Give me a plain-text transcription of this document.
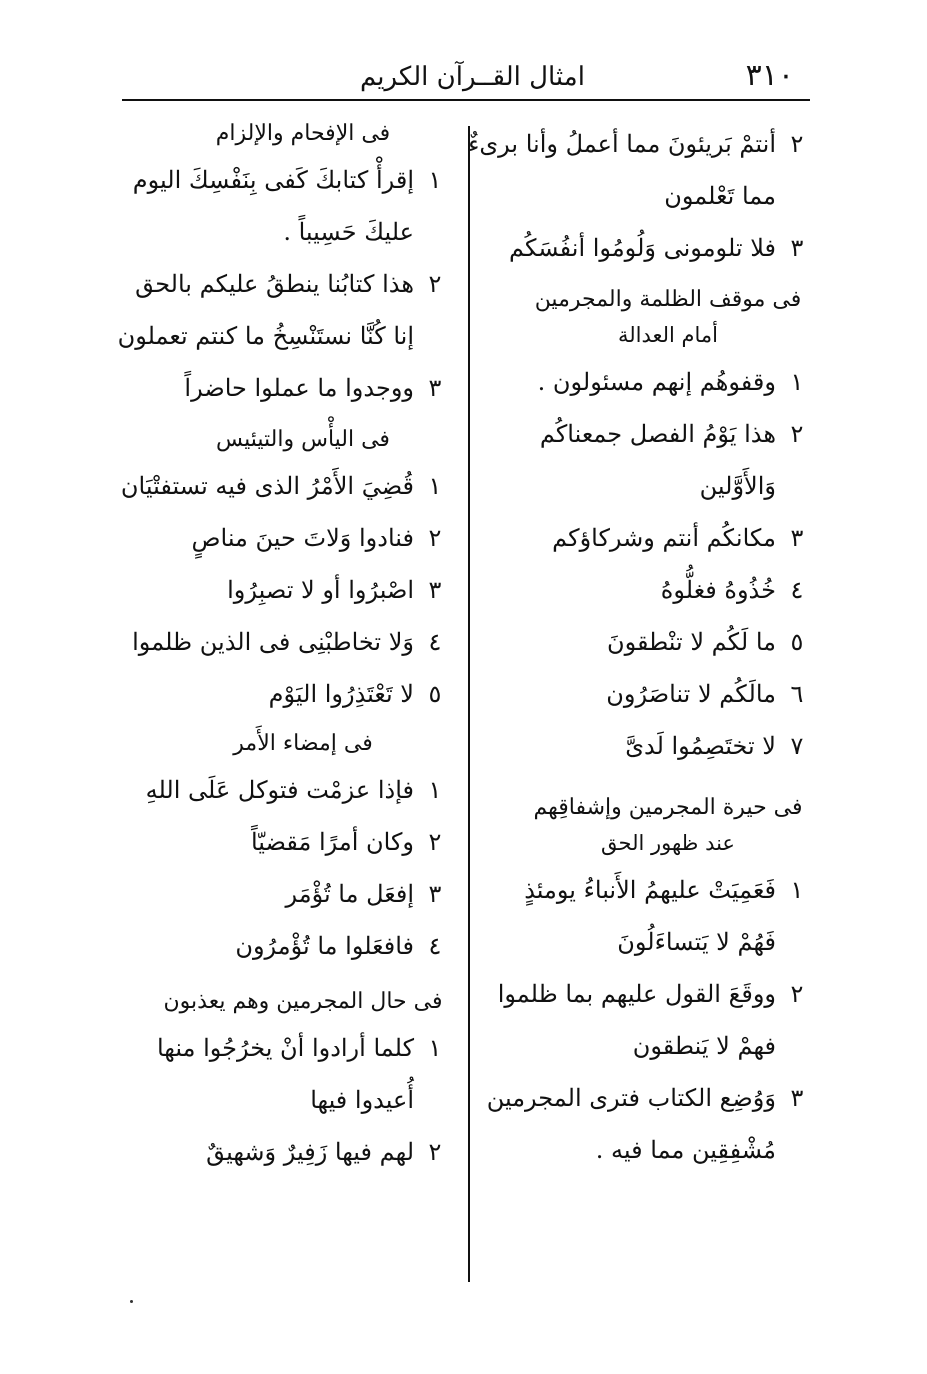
٣١٠
امثال القــرآن الكريم
٢
أنتمْ بَريئونَ مما أعملُ وأنا برىءٌ
مما تَعْلمون
٣
فلا تلومونى وَلُومُوا أنفُسَكُم
فى موقف الظلمة والمجرمين
أمام العدالة
١
وقفوهُم إنهم مسئولون .
٢
هذا يَوْمُ الفصل جمعناكُم
وَالأَوَّلين
٣
مكانكُم أنتم وشركاؤكم
٤
خُذُوهُ فغلُّوهُ
٥
ما لَكُم لا تنْطقونَ
٦
مالَكُم لا تناصَرُون
٧
لا تختَصِمُوا لَدىَّ
فى حيرة المجرمين وإشفاقِهم
عند ظهور الحق
١
فَعَمِيَتْ عليهمُ الأَنباءُ يومئذٍ
فَهُمْ لا يَتساءَلُونَ
٢
ووقَعَ القول عليهم بما ظلموا
فهمْ لا يَنطقون
٣
وَوُضِع الكتاب فترى المجرمين
مُشْفِقِين مما فيه .
فى الإفحام والإلزام
١
إقرأْ كتابكَ كَفى بِنَفْسِكَ اليوم
عليكَ حَسِيباً .
٢
هذا كتابُنا ينطقُ عليكم بالحق
إنا كُنَّا نستَنْسِخُ ما كنتم تعملون
٣
ووجدوا ما عملوا حاضراً
فى اليأْس والتيئيس
١
قُضِيَ الأَمْرُ الذى فيه تستفتْيَان
٢
فنادوا وَلاتَ حينَ مناصٍ
٣
اصْبرُوا أو لا تصبِرُوا
٤
وَلا تخاطبْنِى فى الذين ظلموا
٥
لا تَعْتَذِرُوا اليَوْم
فى إمضاء الأَمر
١
فإذا عزمْت فتوكل عَلَى اللهِ
٢
وكان أمرًا مَقضيّاً
٣
إفعَل ما تُؤْمَر
٤
فافعَلوا ما تُؤْمرُون
فى حال المجرمين وهم يعذبون
١
كلما أرادوا أنْ يخرُجُوا منها
أُعيدوا فيها
٢
لهم فيها زَفِيرٌ وَشهيقٌ
